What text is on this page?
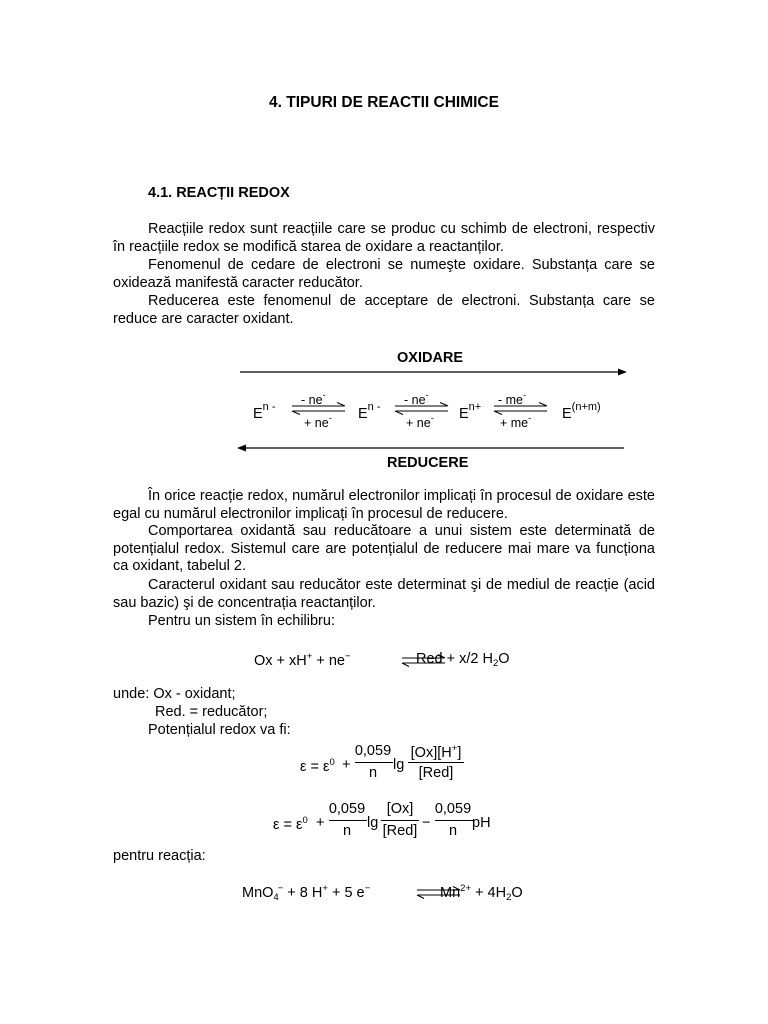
4. TIPURI DE REACTII CHIMICE
4.1. REACȚII REDOX
Reacțiile redox sunt reacțiile care se produc cu schimb de electroni, respectiv în reacțiile redox se modifică starea de oxidare a reactanților.
Fenomenul de cedare de electroni se numeşte oxidare. Substanța care se oxidează manifestă caracter reducător.
Reducerea este fenomenul de acceptare de electroni. Substanța care se reduce are caracter oxidant.
OXIDARE
$E^{n -}$	$E^{n -}$	$E^{n+}$	$E^{(n+m)}$
- ne-	- ne-	- me-
+ ne-	+ ne-	+ me-
REDUCERE
În orice reacție redox, numărul electronilor implicați în procesul de oxidare este egal cu numărul electronilor implicați în procesul de reducere.
Comportarea oxidantă sau reducătoare a unui sistem este determinată de potențialul redox. Sistemul care are potențialul de reducere mai mare va funcționa ca oxidant, tabelul 2.
Caracterul oxidant sau reducător este determinat şi de mediul de reacție (acid sau bazic) şi de concentrația reactanților.
Pentru un sistem în echilibru:
Ox + xH+ + ne−	Red + x/2 $H_2O$
unde: Ox - oxidant;
Red. = reducător;
Potențialul redox va fi:
$\varepsilon = \varepsilon^0$ +
0,059
n	lg
[Ox][H+]
[Red]
$\varepsilon = \varepsilon^0$ +
0,059
n	lg
[Ox]
[Red] −
0,059
n	pH
pentru reacția:
MnO$_4$− + 8 H+ + 5 e−	$Mn^{2+} + 4H_2O$
